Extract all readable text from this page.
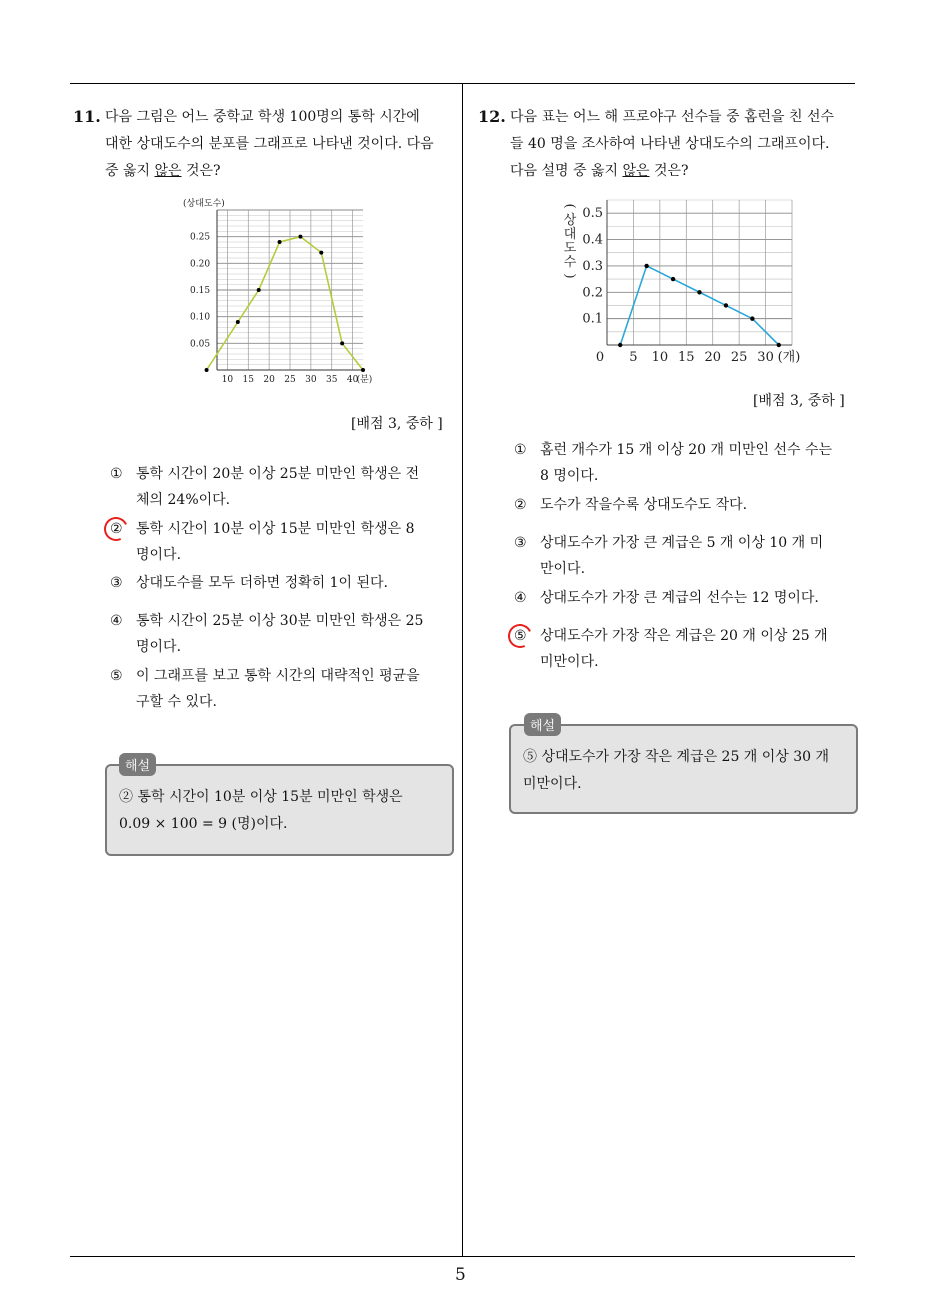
11. 다음 그림은 어느 중학교 학생 100명의 통학 시간에
대한 상대도수의 분포를 그래프로 나타낸 것이다. 다음
중 옳지 않은 것은?
0.05
0.10
0.15
0.20
0.25
(상대도수)
10 15 20 25 30 35 40
(분)
[배점 3, 중하 ]
① 통학 시간이 20분 이상 25분 미만인 학생은 전
체의 24%이다.
② 통학 시간이 10분 이상 15분 미만인 학생은 8
명이다.
③ 상대도수를 모두 더하면 정확히 1이 된다.
④ 통학 시간이 25분 이상 30분 미만인 학생은 25
명이다.
⑤ 이 그래프를 보고 통학 시간의 대략적인 평균을
구할 수 있다.
② 통학 시간이 10분 이상 15분 미만인 학생은
0.09 × 100 = 9 (명)이다.
해설
12. 다음 표는 어느 해 프로야구 선수들 중 홈런을 친 선수
들 40 명을 조사하여 나타낸 상대도수의 그래프이다.
다음 설명 중 옳지 않은 것은?
0.1
0.2
0.3
0.4
0.5
(
상
대
도
수
)
0 5 10 15 20 25 30 (개)
[배점 3, 중하 ]
① 홈런 개수가 15 개 이상 20 개 미만인 선수 수는
8 명이다.
② 도수가 작을수록 상대도수도 작다.
③ 상대도수가 가장 큰 계급은 5 개 이상 10 개 미
만이다.
④ 상대도수가 가장 큰 계급의 선수는 12 명이다.
⑤ 상대도수가 가장 작은 계급은 20 개 이상 25 개
미만이다.
⑤ 상대도수가 가장 작은 계급은 25 개 이상 30 개
미만이다.
해설
5
